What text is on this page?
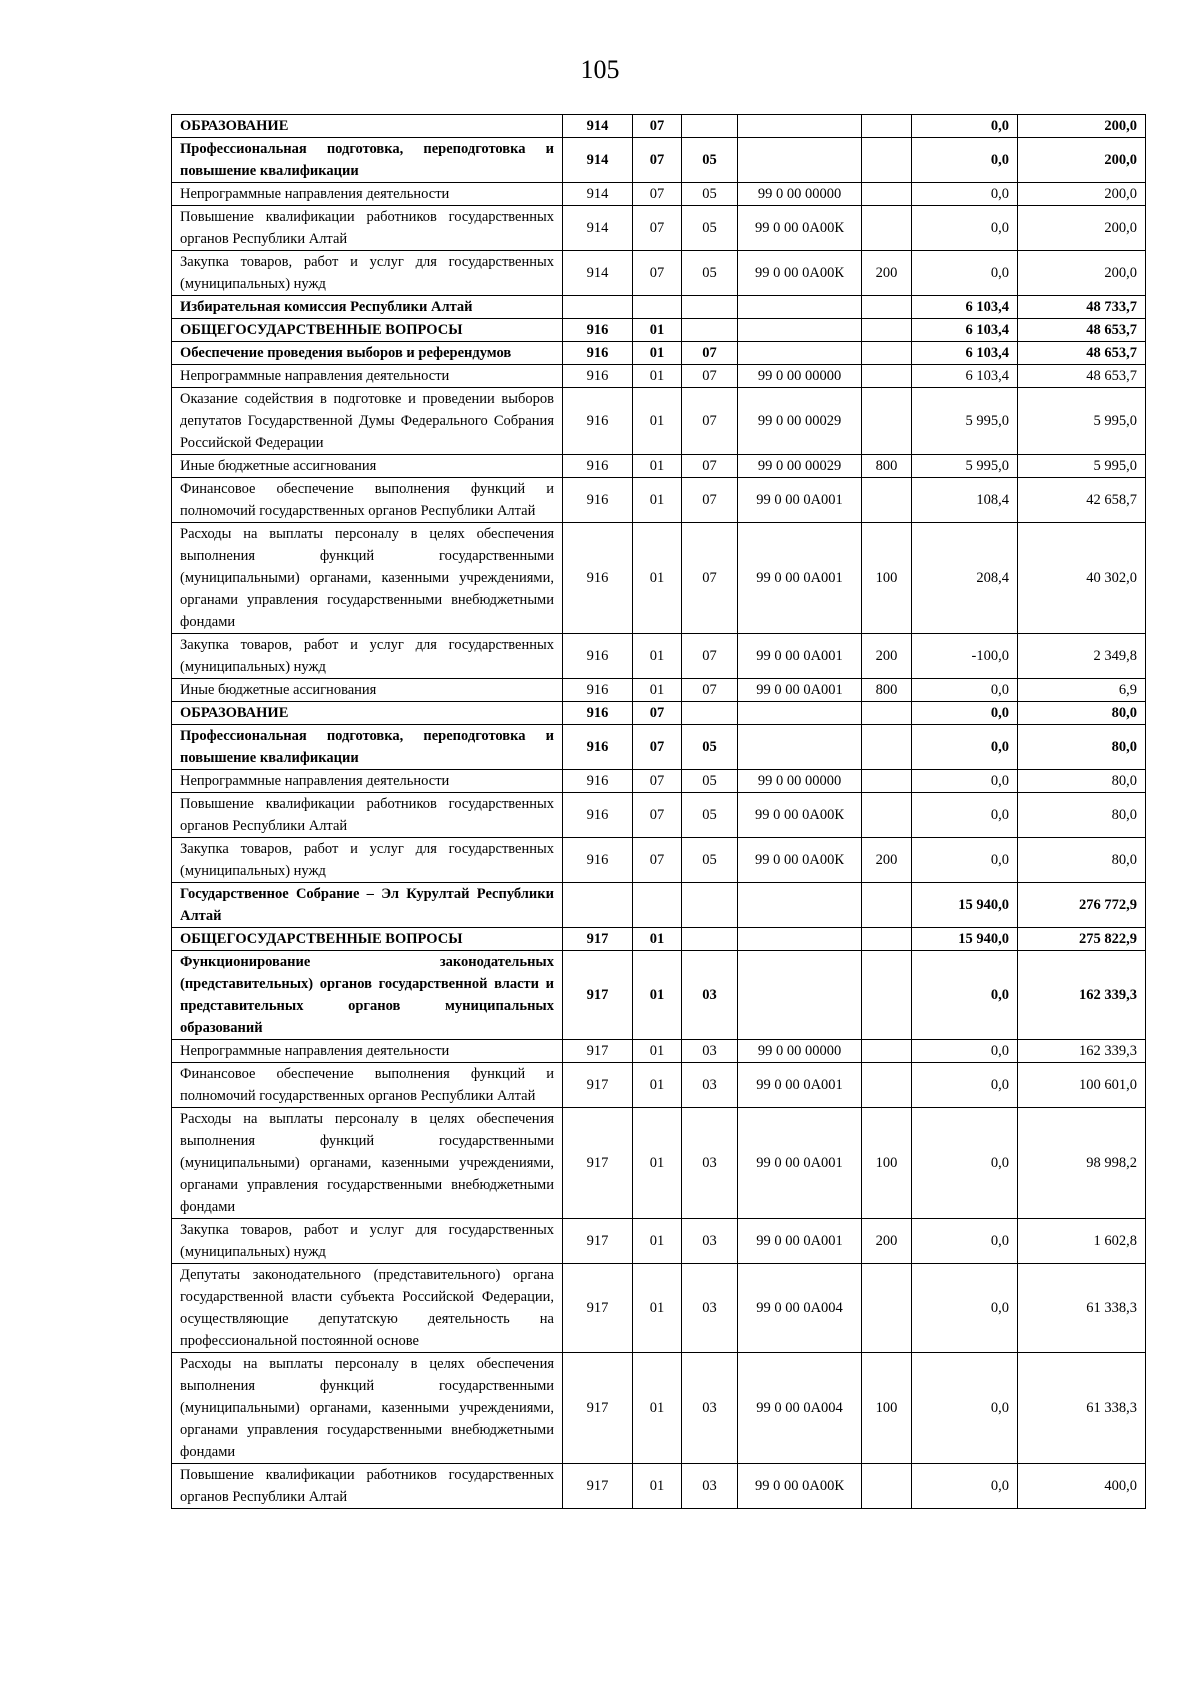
105
ОБРАЗОВАНИЕ	914	07				0,0	200,0
Профессиональная подготовка, переподготовка и повышение квалификации	914	07	05			0,0	200,0
Непрограммные направления деятельности	914	07	05	99 0 00 00000		0,0	200,0
Повышение квалификации работников государственных органов Республики Алтай	914	07	05	99 0 00 0А00К		0,0	200,0
Закупка товаров, работ и услуг для государственных (муниципальных) нужд	914	07	05	99 0 00 0А00К	200	0,0	200,0
Избирательная комиссия Республики Алтай						6 103,4	48 733,7
ОБЩЕГОСУДАРСТВЕННЫЕ ВОПРОСЫ	916	01				6 103,4	48 653,7
Обеспечение проведения выборов и референдумов	916	01	07			6 103,4	48 653,7
Непрограммные направления деятельности	916	01	07	99 0 00 00000		6 103,4	48 653,7
Оказание содействия в подготовке и проведении выборов депутатов Государственной Думы Федерального Собрания Российской Федерации	916	01	07	99 0 00 00029		5 995,0	5 995,0
Иные бюджетные ассигнования	916	01	07	99 0 00 00029	800	5 995,0	5 995,0
Финансовое обеспечение выполнения функций и полномочий государственных органов Республики Алтай	916	01	07	99 0 00 0А001		108,4	42 658,7
Расходы на выплаты персоналу в целях обеспечения выполнения функций государственными (муниципальными) органами, казенными учреждениями, органами управления государственными внебюджетными фондами	916	01	07	99 0 00 0А001	100	208,4	40 302,0
Закупка товаров, работ и услуг для государственных (муниципальных) нужд	916	01	07	99 0 00 0А001	200	-100,0	2 349,8
Иные бюджетные ассигнования	916	01	07	99 0 00 0А001	800	0,0	6,9
ОБРАЗОВАНИЕ	916	07				0,0	80,0
Профессиональная подготовка, переподготовка и повышение квалификации	916	07	05			0,0	80,0
Непрограммные направления деятельности	916	07	05	99 0 00 00000		0,0	80,0
Повышение квалификации работников государственных органов Республики Алтай	916	07	05	99 0 00 0А00К		0,0	80,0
Закупка товаров, работ и услуг для государственных (муниципальных) нужд	916	07	05	99 0 00 0А00К	200	0,0	80,0
Государственное Собрание – Эл Курултай Республики Алтай						15 940,0	276 772,9
ОБЩЕГОСУДАРСТВЕННЫЕ ВОПРОСЫ	917	01				15 940,0	275 822,9
Функционирование законодательных (представительных) органов государственной власти и представительных органов муниципальных образований	917	01	03			0,0	162 339,3
Непрограммные направления деятельности	917	01	03	99 0 00 00000		0,0	162 339,3
Финансовое обеспечение выполнения функций и полномочий государственных органов Республики Алтай	917	01	03	99 0 00 0А001		0,0	100 601,0
Расходы на выплаты персоналу в целях обеспечения выполнения функций государственными (муниципальными) органами, казенными учреждениями, органами управления государственными внебюджетными фондами	917	01	03	99 0 00 0А001	100	0,0	98 998,2
Закупка товаров, работ и услуг для государственных (муниципальных) нужд	917	01	03	99 0 00 0А001	200	0,0	1 602,8
Депутаты законодательного (представительного) органа государственной власти субъекта Российской Федерации, осуществляющие депутатскую деятельность на профессиональной постоянной основе	917	01	03	99 0 00 0А004		0,0	61 338,3
Расходы на выплаты персоналу в целях обеспечения выполнения функций государственными (муниципальными) органами, казенными учреждениями, органами управления государственными внебюджетными фондами	917	01	03	99 0 00 0А004	100	0,0	61 338,3
Повышение квалификации работников государственных органов Республики Алтай	917	01	03	99 0 00 0А00К		0,0	400,0
